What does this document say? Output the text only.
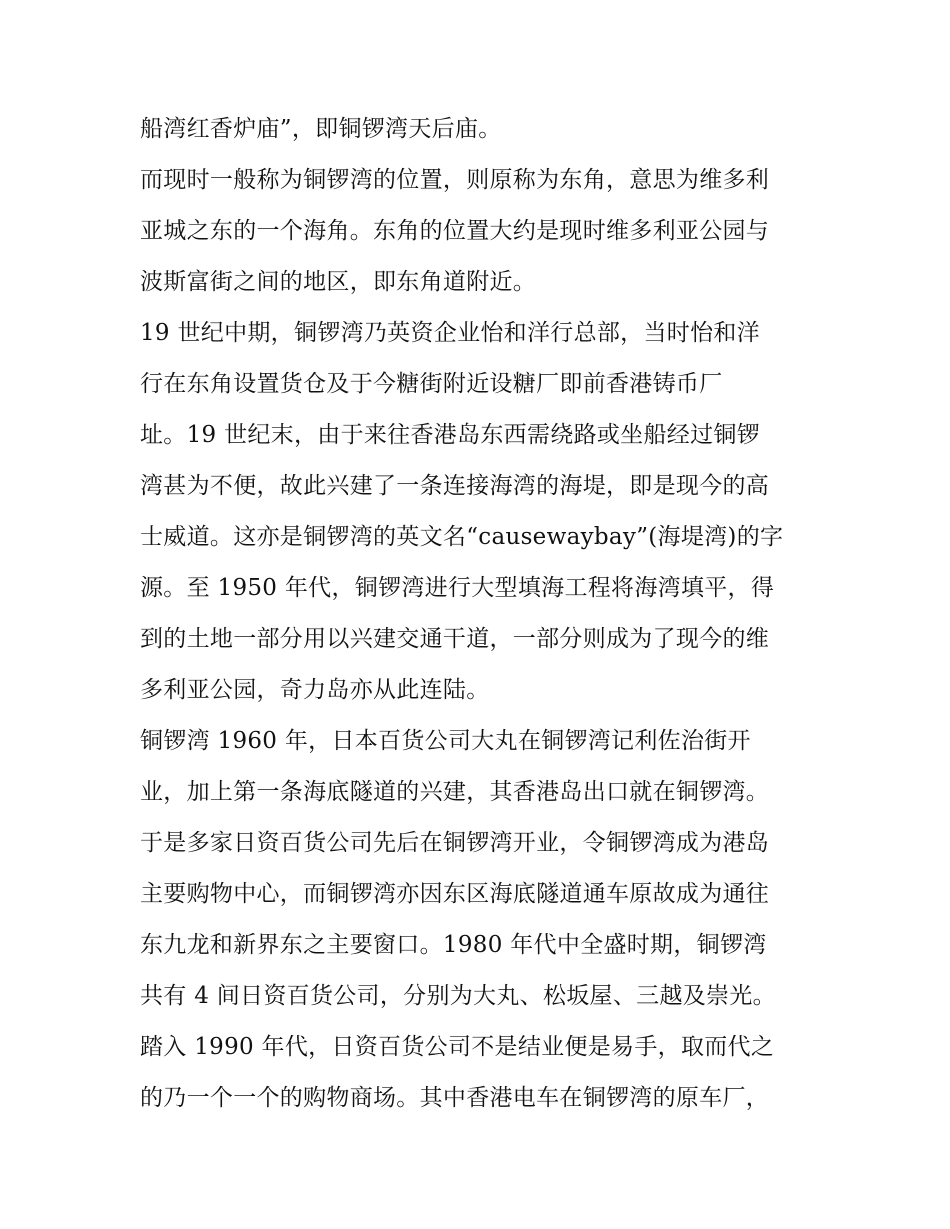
船湾红香炉庙”，即铜锣湾天后庙。
而现时一般称为铜锣湾的位置，则原称为东角，意思为维多利
亚城之东的一个海角。东角的位置大约是现时维多利亚公园与
波斯富街之间的地区，即东角道附近。
19 世纪中期，铜锣湾乃英资企业怡和洋行总部，当时怡和洋
行在东角设置货仓及于今糖街附近设糖厂即前香港铸币厂
址。19 世纪末，由于来往香港岛东西需绕路或坐船经过铜锣
湾甚为不便，故此兴建了一条连接海湾的海堤，即是现今的高
士威道。这亦是铜锣湾的英文名“causewaybay”(海堤湾)的字
源。至 1950 年代，铜锣湾进行大型填海工程将海湾填平，得
到的土地一部分用以兴建交通干道，一部分则成为了现今的维
多利亚公园，奇力岛亦从此连陆。
铜锣湾 1960 年，日本百货公司大丸在铜锣湾记利佐治街开
业，加上第一条海底隧道的兴建，其香港岛出口就在铜锣湾。
于是多家日资百货公司先后在铜锣湾开业，令铜锣湾成为港岛
主要购物中心，而铜锣湾亦因东区海底隧道通车原故成为通往
东九龙和新界东之主要窗口。1980 年代中全盛时期，铜锣湾
共有 4 间日资百货公司，分别为大丸、松坂屋、三越及崇光。
踏入 1990 年代，日资百货公司不是结业便是易手，取而代之
的乃一个一个的购物商场。其中香港电车在铜锣湾的原车厂，
